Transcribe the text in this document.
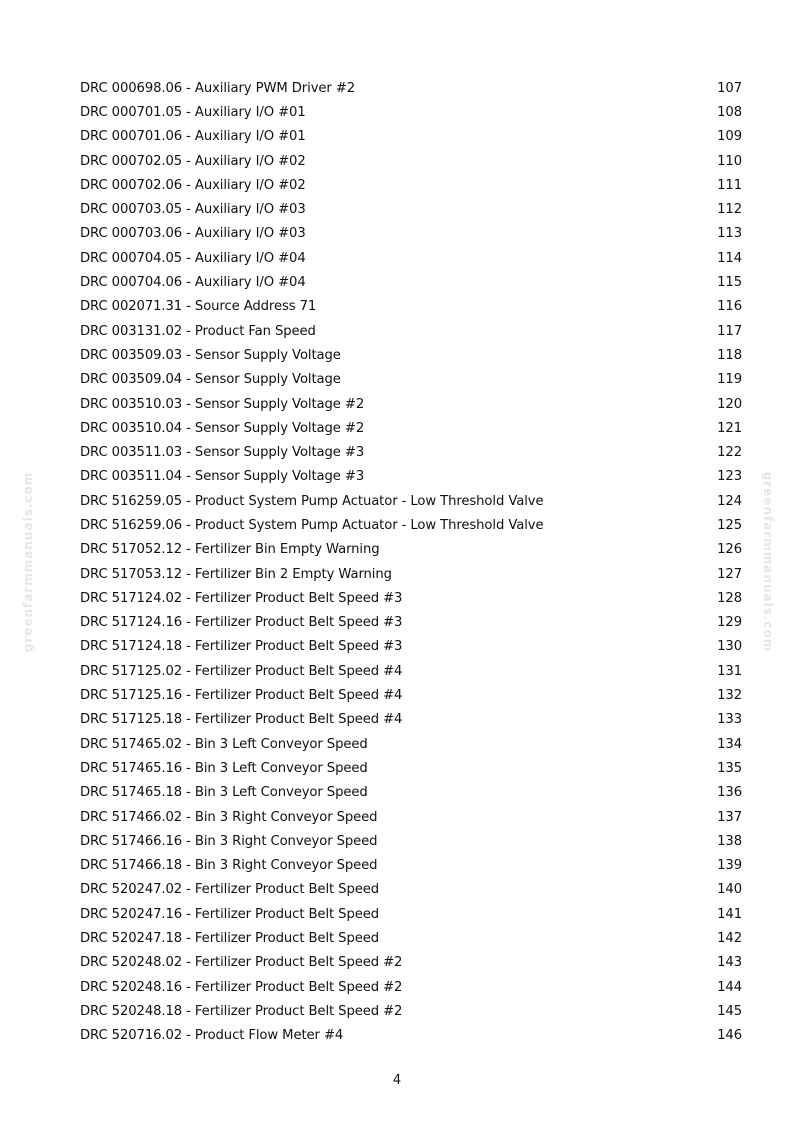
greenfarmmanuals.com	greenfarmmanuals.com
DRC 000698.06 - Auxiliary PWM Driver #2	107
DRC 000701.05 - Auxiliary I/O #01	108
DRC 000701.06 - Auxiliary I/O #01	109
DRC 000702.05 - Auxiliary I/O #02	110
DRC 000702.06 - Auxiliary I/O #02	111
DRC 000703.05 - Auxiliary I/O #03	112
DRC 000703.06 - Auxiliary I/O #03	113
DRC 000704.05 - Auxiliary I/O #04	114
DRC 000704.06 - Auxiliary I/O #04	115
DRC 002071.31 - Source Address 71	116
DRC 003131.02 - Product Fan Speed	117
DRC 003509.03 - Sensor Supply Voltage	118
DRC 003509.04 - Sensor Supply Voltage	119
DRC 003510.03 - Sensor Supply Voltage #2	120
DRC 003510.04 - Sensor Supply Voltage #2	121
DRC 003511.03 - Sensor Supply Voltage #3	122
DRC 003511.04 - Sensor Supply Voltage #3	123
DRC 516259.05 - Product System Pump Actuator - Low Threshold Valve	124
DRC 516259.06 - Product System Pump Actuator - Low Threshold Valve	125
DRC 517052.12 - Fertilizer Bin Empty Warning	126
DRC 517053.12 - Fertilizer Bin 2 Empty Warning	127
DRC 517124.02 - Fertilizer Product Belt Speed #3	128
DRC 517124.16 - Fertilizer Product Belt Speed #3	129
DRC 517124.18 - Fertilizer Product Belt Speed #3	130
DRC 517125.02 - Fertilizer Product Belt Speed #4	131
DRC 517125.16 - Fertilizer Product Belt Speed #4	132
DRC 517125.18 - Fertilizer Product Belt Speed #4	133
DRC 517465.02 - Bin 3 Left Conveyor Speed	134
DRC 517465.16 - Bin 3 Left Conveyor Speed	135
DRC 517465.18 - Bin 3 Left Conveyor Speed	136
DRC 517466.02 - Bin 3 Right Conveyor Speed	137
DRC 517466.16 - Bin 3 Right Conveyor Speed	138
DRC 517466.18 - Bin 3 Right Conveyor Speed	139
DRC 520247.02 - Fertilizer Product Belt Speed	140
DRC 520247.16 - Fertilizer Product Belt Speed	141
DRC 520247.18 - Fertilizer Product Belt Speed	142
DRC 520248.02 - Fertilizer Product Belt Speed #2	143
DRC 520248.16 - Fertilizer Product Belt Speed #2	144
DRC 520248.18 - Fertilizer Product Belt Speed #2	145
DRC 520716.02 - Product Flow Meter #4	146
4
